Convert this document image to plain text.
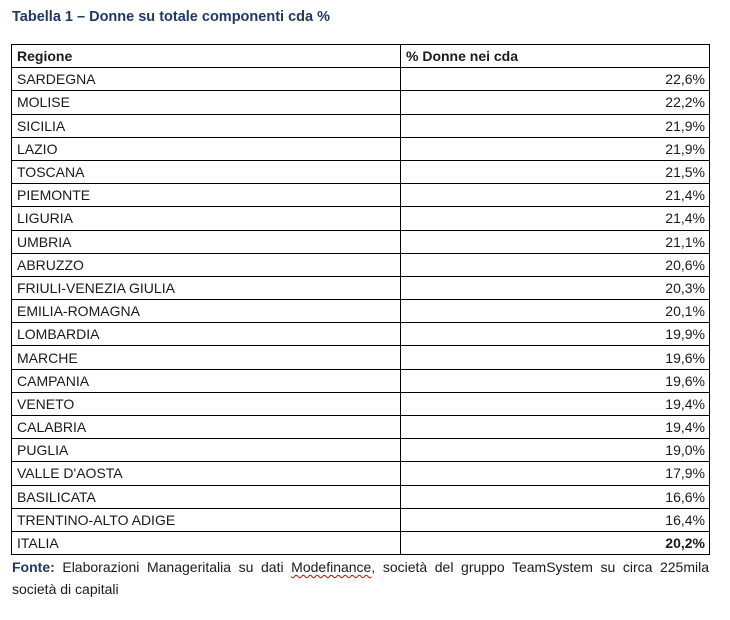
Tabella 1 – Donne su totale componenti cda %
Regione	% Donne nei cda
SARDEGNA	22,6%
MOLISE	22,2%
SICILIA	21,9%
LAZIO	21,9%
TOSCANA	21,5%
PIEMONTE	21,4%
LIGURIA	21,4%
UMBRIA	21,1%
ABRUZZO	20,6%
FRIULI-VENEZIA GIULIA	20,3%
EMILIA-ROMAGNA	20,1%
LOMBARDIA	19,9%
MARCHE	19,6%
CAMPANIA	19,6%
VENETO	19,4%
CALABRIA	19,4%
PUGLIA	19,0%
VALLE D'AOSTA	17,9%
BASILICATA	16,6%
TRENTINO-ALTO ADIGE	16,4%
ITALIA	20,2%
Fonte: Elaborazioni Manageritalia su dati Modefinance, società del gruppo TeamSystem su circa 225mila società di capitali
